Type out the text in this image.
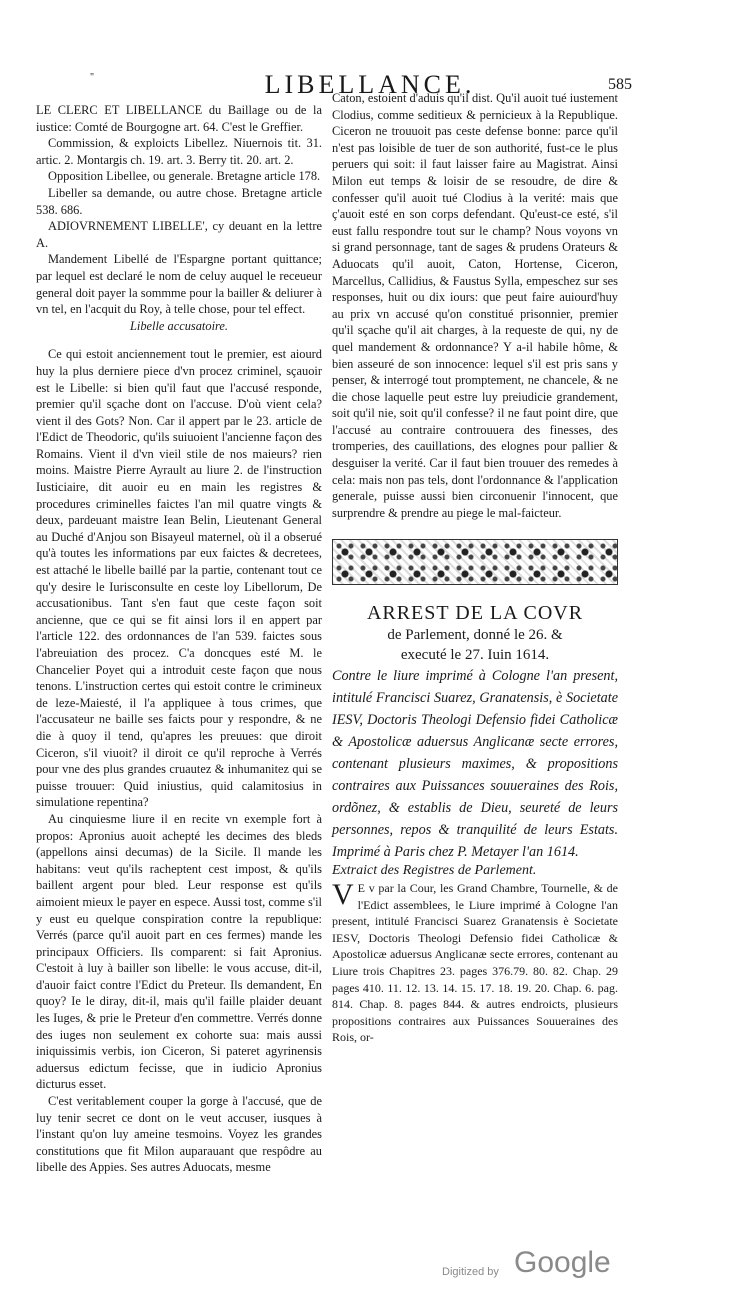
"	LIBELLANCE.	585

LE CLERC ET LIBELLANCE du Baillage ou de la iustice: Comté de Bourgogne art. 64. C'est le Greffier.

Commission, & exploicts Libellez. Niuernois tit. 31. artic. 2. Montargis ch. 19. art. 3. Berry tit. 20. art. 2.

Opposition Libellee, ou generale. Bretagne article 178.

Libeller sa demande, ou autre chose. Bretagne article 538. 686.

ADIOVRNEMENT LIBELLE', cy deuant en la lettre A.

Mandement Libellé de l'Espargne portant quittance; par lequel est declaré le nom de celuy auquel le receueur general doit payer la sommme pour la bailler & deliurer à vn tel, en l'acquit du Roy, à telle chose, pour tel effect.

Libelle accusatoire.

Ce qui estoit anciennement tout le premier, est aiourd huy la plus derniere piece d'vn procez criminel, sçauoir est le Libelle: si bien qu'il faut que l'accusé responde, premier qu'il sçache dont on l'accuse. D'où vient cela? vient il des Gots? Non. Car il appert par le 23. article de l'Edict de Theodoric, qu'ils suiuoient l'ancienne façon des Romains. Vient il d'vn vieil stile de nos maieurs? rien moins. Maistre Pierre Ayrault au liure 2. de l'instruction Iusticiaire, dit auoir eu en main les registres & procedures criminelles faictes l'an mil quatre vingts & deux, pardeuant maistre Iean Belin, Lieutenant General au Duché d'Anjou son Bisayeul maternel, où il a obserué qu'à toutes les informations par eux faictes & decretees, est attaché le libelle baillé par la partie, contenant tout ce qu'y desire le Iurisconsulte en ceste loy Libellorum, De accusationibus. Tant s'en faut que ceste façon soit ancienne, que ce qui se fit ainsi lors il en appert par l'article 122. des ordonnances de l'an 539. faictes sous l'abreuiation des procez. C'a doncques esté M. le Chancelier Poyet qui a introduit ceste façon que nous tenons. L'instruction certes qui estoit contre le crimineux de leze-Maiesté, il l'a appliquee à tous crimes, que l'accusateur ne baille ses faicts pour y respondre, & ne die à quoy il tend, qu'apres les preuues: que diroit Ciceron, s'il viuoit? il diroit ce qu'il reproche à Verrés pour vne des plus grandes cruautez & inhumanitez qui se puisse trouuer: Quid iniustius, quid calamitosius in simulatione repentina?

Au cinquiesme liure il en recite vn exemple fort à propos: Apronius auoit achepté les decimes des bleds (appellons ainsi decumas) de la Sicile. Il mande les habitans: veut qu'ils racheptent cest impost, & qu'ils baillent argent pour bled. Leur response est qu'ils aimoient mieux le payer en espece. Aussi tost, comme s'il y eust eu quelque conspiration contre la republique: Verrés (parce qu'il auoit part en ces fermes) mande les principaux Officiers. Ils comparent: si fait Apronius. C'estoit à luy à bailler son libelle: le vous accuse, dit-il, d'auoir faict contre l'Edict du Preteur. Ils demandent, En quoy? Ie le diray, dit-il, mais qu'il faille plaider deuant les Iuges, & prie le Preteur d'en commettre. Verrés donne des iuges non seulement ex cohorte sua: mais aussi iniquissimis verbis, ion Ciceron, Si pateret agyrinensis aduersus edictum fecisse, que in iudicio Apronius dicturus esset.

C'est veritablement couper la gorge à l'accusé, que de luy tenir secret ce dont on le veut accuser, iusques à l'instant qu'on luy ameine tesmoins. Voyez les grandes constitutions que fit Milon auparauant que respôdre au libelle des Appies. Ses autres Aduocats, mesme

Caton, estoient d'aduis qu'il dist. Qu'il auoit tué iustement Clodius, comme seditieux & pernicieux à la Republique. Ciceron ne trouuoit pas ceste defense bonne: parce qu'il n'est pas loisible de tuer de son authorité, fust-ce le plus peruers qui soit: il faut laisser faire au Magistrat. Ainsi Milon eut temps & loisir de se resoudre, de dire & confesser qu'il auoit tué Clodius à la verité: mais que ç'auoit esté en son corps defendant. Qu'eust-ce esté, s'il eust fallu respondre tout sur le champ? Nous voyons vn si grand personnage, tant de sages & prudens Orateurs & Aduocats qu'il auoit, Caton, Hortense, Ciceron, Marcellus, Callidius, & Faustus Sylla, empeschez sur ses responses, huit ou dix iours: que peut faire auiourd'huy au prix vn accusé qu'on constitué prisonnier, premier qu'il sçache qu'il ait charges, à la requeste de qui, ny de quel mandement & ordonnance? Y a-il habile hôme, & bien asseuré de son innocence: lequel s'il est pris sans y penser, & interrogé tout promptement, ne chancele, & ne die chose laquelle peut estre luy preiudicie grandement, soit qu'il nie, soit qu'il confesse? il ne faut point dire, que l'accusé au contraire controuuera des finesses, des tromperies, des cauillations, des elognes pour pallier & desguiser la verité. Car il faut bien trouuer des remedes à cela: mais non pas tels, dont l'ordonnance & l'application generale, puisse aussi bien circonuenir l'innocent, que surprendre & prendre au piege le mal-faicteur.

ARREST DE LA COVR
de Parlement, donné le 26. &
executé le 27. Iuin 1614.

Contre le liure imprimé à Cologne l'an present, intitulé Francisci Suarez, Granatensis, è Societate IESV, Doctoris Theologi Defensio fidei Catholicæ & Apostolicæ aduersus Anglicanæ secte errores, contenant plusieurs maximes, & propositions contraires aux Puissances souueraines des Rois, ordõnez, & establis de Dieu, seureté de leurs personnes, repos & tranquilité de leurs Estats. Imprimé à Paris chez P. Metayer l'an 1614.

Extraict des Registres de Parlement.

V E v par la Cour, les Grand Chambre, Tournelle, & de l'Edict assemblees, le Liure imprimé à Cologne l'an present, intitulé Francisci Suarez Granatensis è Societate IESV, Doctoris Theologi Defensio fidei Catholicæ & Apostolicæ aduersus Anglicanæ secte errores, contenant au Liure trois Chapitres 23. pages 376.79. 80. 82. Chap. 29 pages 410. 11. 12. 13. 14. 15. 17. 18. 19. 20. Chap. 6. pag. 814. Chap. 8. pages 844. & autres endroicts, plusieurs propositions contraires aux Puissances Souueraines des Rois, or-

Digitized by Google
